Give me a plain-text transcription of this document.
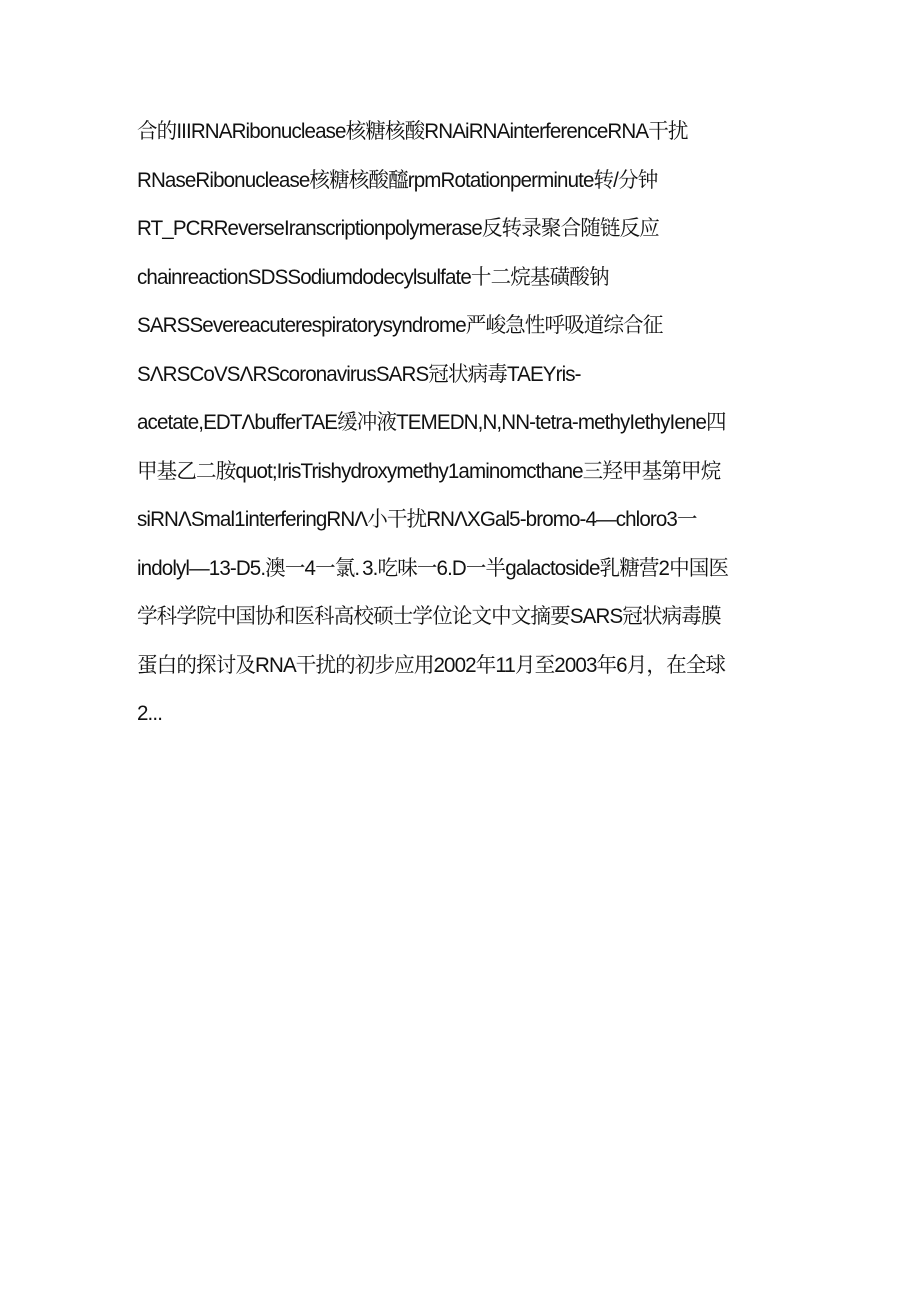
合的IIIRNARibonuclease核糖核酸RNAiRNAinterferenceRNA干扰
RNaseRibonuclease核糖核酸醯rpmRotationperminute转/分钟
RT_PCRReverseIranscriptionpolymerase反转录聚合随链反应
chainreactionSDSSodiumdodecylsulfate十二烷基磺酸钠
SARSSevereacuterespiratorysyndrome严峻急性呼吸道综合征
SΛRSCoVSΛRScoronavirusSARS冠状病毒TAEYris-
acetate,EDTΛbufferTAE缓冲液TEMEDN,N,NN-tetra-methyIethyIene四
甲基乙二胺quot;IrisTrishydroxymethy1aminomcthane三羟甲基第甲烷
siRNΛSmal1interferingRNΛ小干扰RNΛXGal5-bromo-4—chloro3一
indolyl—13-D5.澳一4一氯. 3.吃味一6.D一半galactoside乳糖营2中国医
学科学院中国协和医科高校硕士学位论文中文摘要SARS冠状病毒膜
蛋白的探讨及RNA干扰的初步应用2002年11月至2003年6月，在全球
2...
